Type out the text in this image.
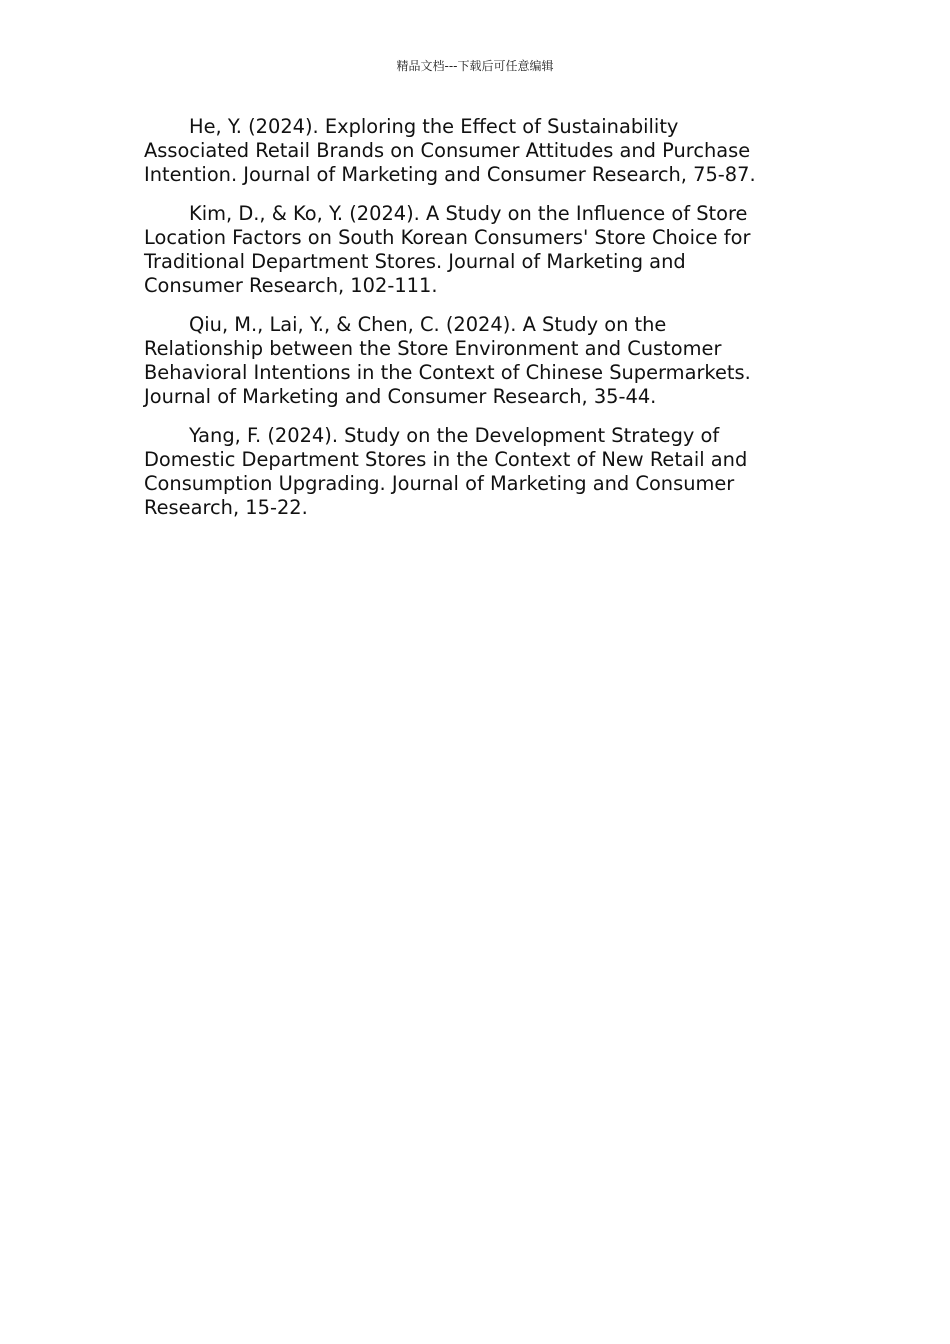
精品文档---下载后可任意编辑

He, Y. (2024). Exploring the Effect of Sustainability
Associated Retail Brands on Consumer Attitudes and Purchase
Intention. Journal of Marketing and Consumer Research, 75-87.

Kim, D., & Ko, Y. (2024). A Study on the Influence of Store
Location Factors on South Korean Consumers' Store Choice for
Traditional Department Stores. Journal of Marketing and
Consumer Research, 102-111.

Qiu, M., Lai, Y., & Chen, C. (2024). A Study on the
Relationship between the Store Environment and Customer
Behavioral Intentions in the Context of Chinese Supermarkets.
Journal of Marketing and Consumer Research, 35-44.

Yang, F. (2024). Study on the Development Strategy of
Domestic Department Stores in the Context of New Retail and
Consumption Upgrading. Journal of Marketing and Consumer
Research, 15-22.
